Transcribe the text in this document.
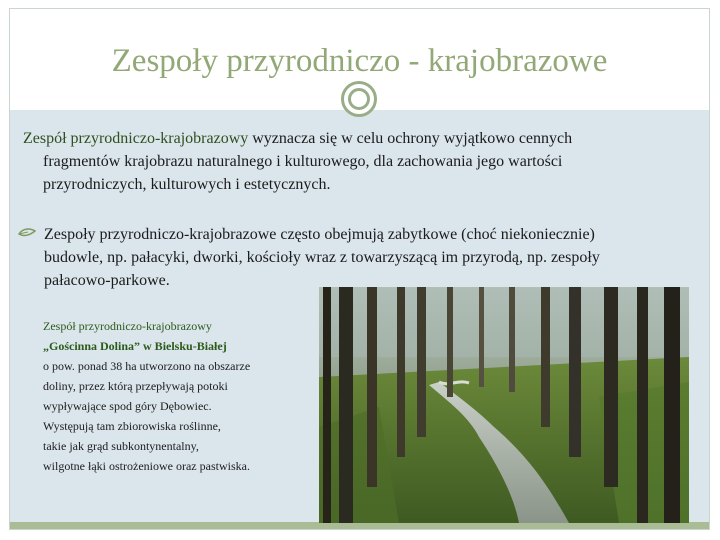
Zespoły przyrodniczo - krajobrazowe
Zespół przyrodniczo-krajobrazowy wyznacza się w celu ochrony wyjątkowo cennych
fragmentów krajobrazu naturalnego i kulturowego, dla zachowania jego wartości
przyrodniczych, kulturowych i estetycznych.
Zespoły przyrodniczo-krajobrazowe często obejmują zabytkowe (choć niekoniecznie)
budowle, np. pałacyki, dworki, kościoły wraz z towarzyszącą im przyrodą, np. zespoły
pałacowo-parkowe.
Zespół przyrodniczo-krajobrazowy
„Gościnna Dolina” w Bielsku-Białej
o pow. ponad 38 ha utworzono na obszarze
doliny, przez którą przepływają potoki
wypływające spod góry Dębowiec.
Występują tam zbiorowiska roślinne,
takie jak grąd subkontynentalny,
wilgotne łąki ostrożeniowe oraz pastwiska.
